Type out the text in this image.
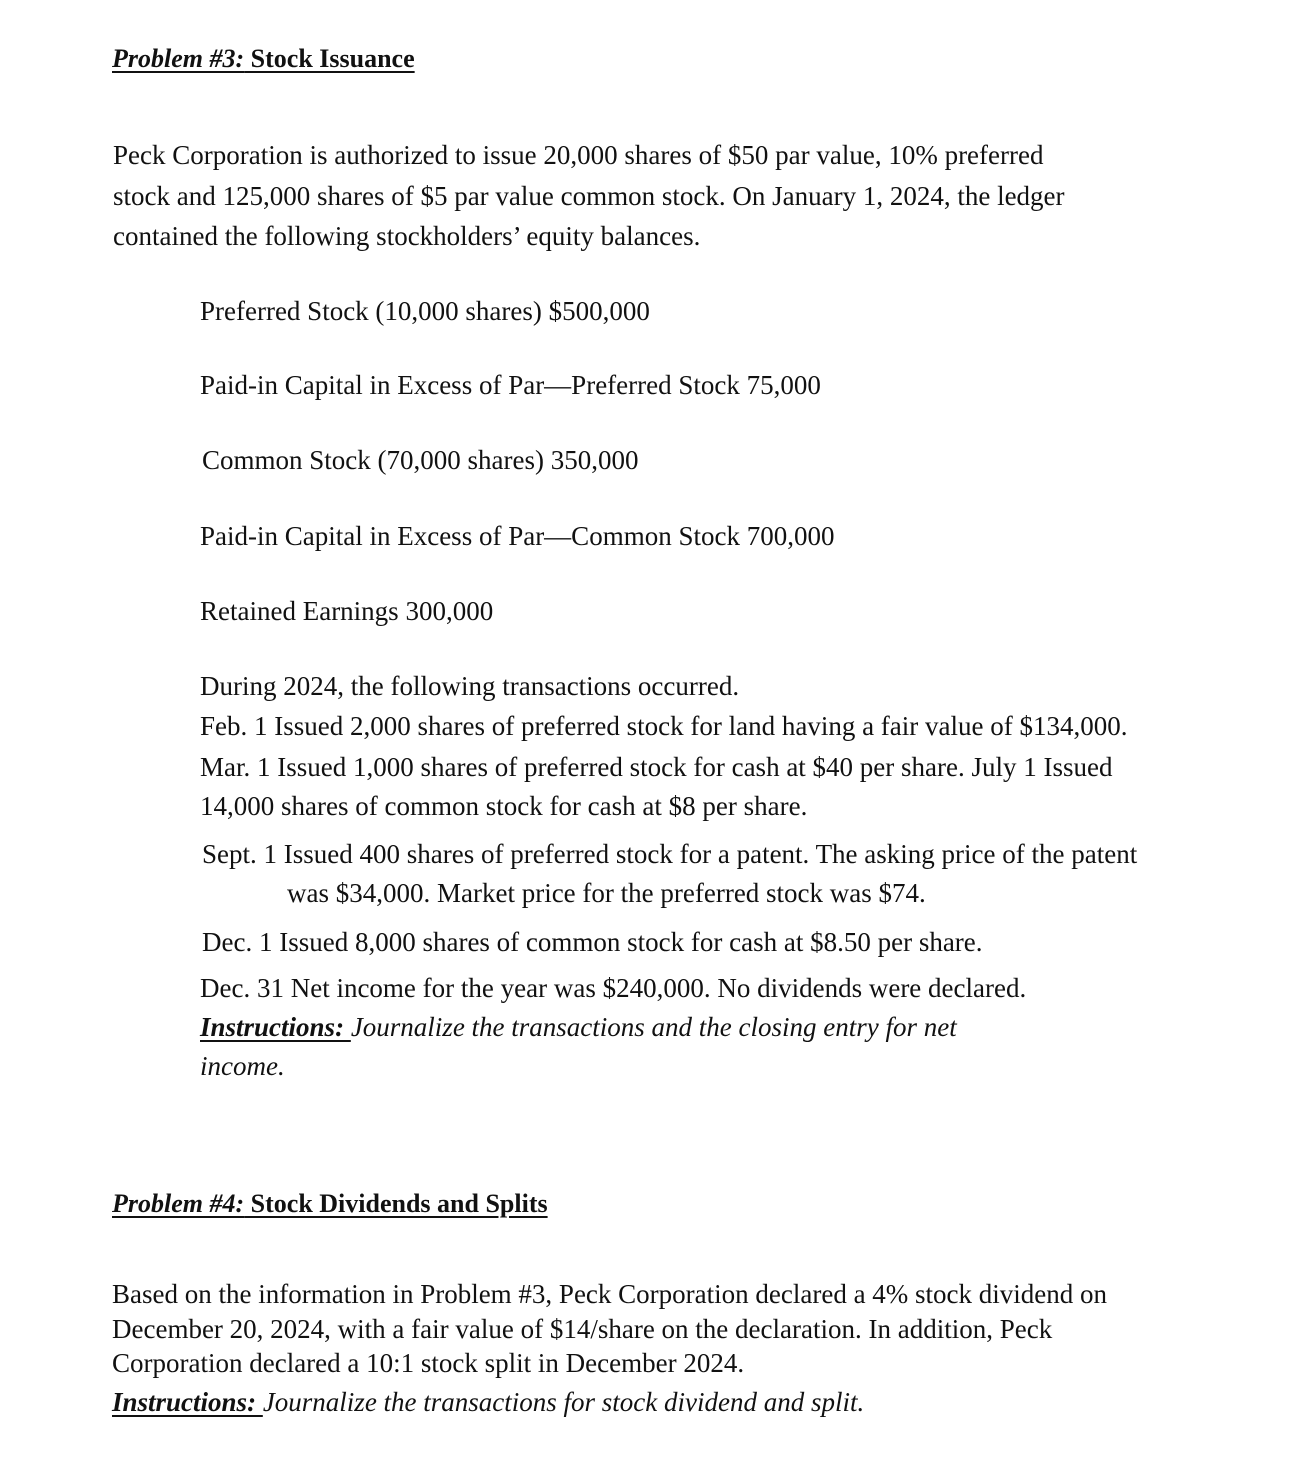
Problem #3: Stock Issuance
Peck Corporation is authorized to issue 20,000 shares of $50 par value, 10% preferred
stock and 125,000 shares of $5 par value common stock. On January 1, 2024, the ledger
contained the following stockholders’ equity balances.
Preferred Stock (10,000 shares) $500,000
Paid-in Capital in Excess of Par—Preferred Stock 75,000
Common Stock (70,000 shares) 350,000
Paid-in Capital in Excess of Par—Common Stock 700,000
Retained Earnings 300,000
During 2024, the following transactions occurred.
Feb. 1 Issued 2,000 shares of preferred stock for land having a fair value of $134,000.
Mar. 1 Issued 1,000 shares of preferred stock for cash at $40 per share. July 1 Issued
14,000 shares of common stock for cash at $8 per share.
Sept. 1 Issued 400 shares of preferred stock for a patent. The asking price of the patent
was $34,000. Market price for the preferred stock was $74.
Dec. 1 Issued 8,000 shares of common stock for cash at $8.50 per share.
Dec. 31 Net income for the year was $240,000. No dividends were declared.
Instructions: Journalize the transactions and the closing entry for net
income.
Problem #4: Stock Dividends and Splits
Based on the information in Problem #3, Peck Corporation declared a 4% stock dividend on
December 20, 2024, with a fair value of $14/share on the declaration. In addition, Peck
Corporation declared a 10:1 stock split in December 2024.
Instructions: Journalize the transactions for stock dividend and split.
